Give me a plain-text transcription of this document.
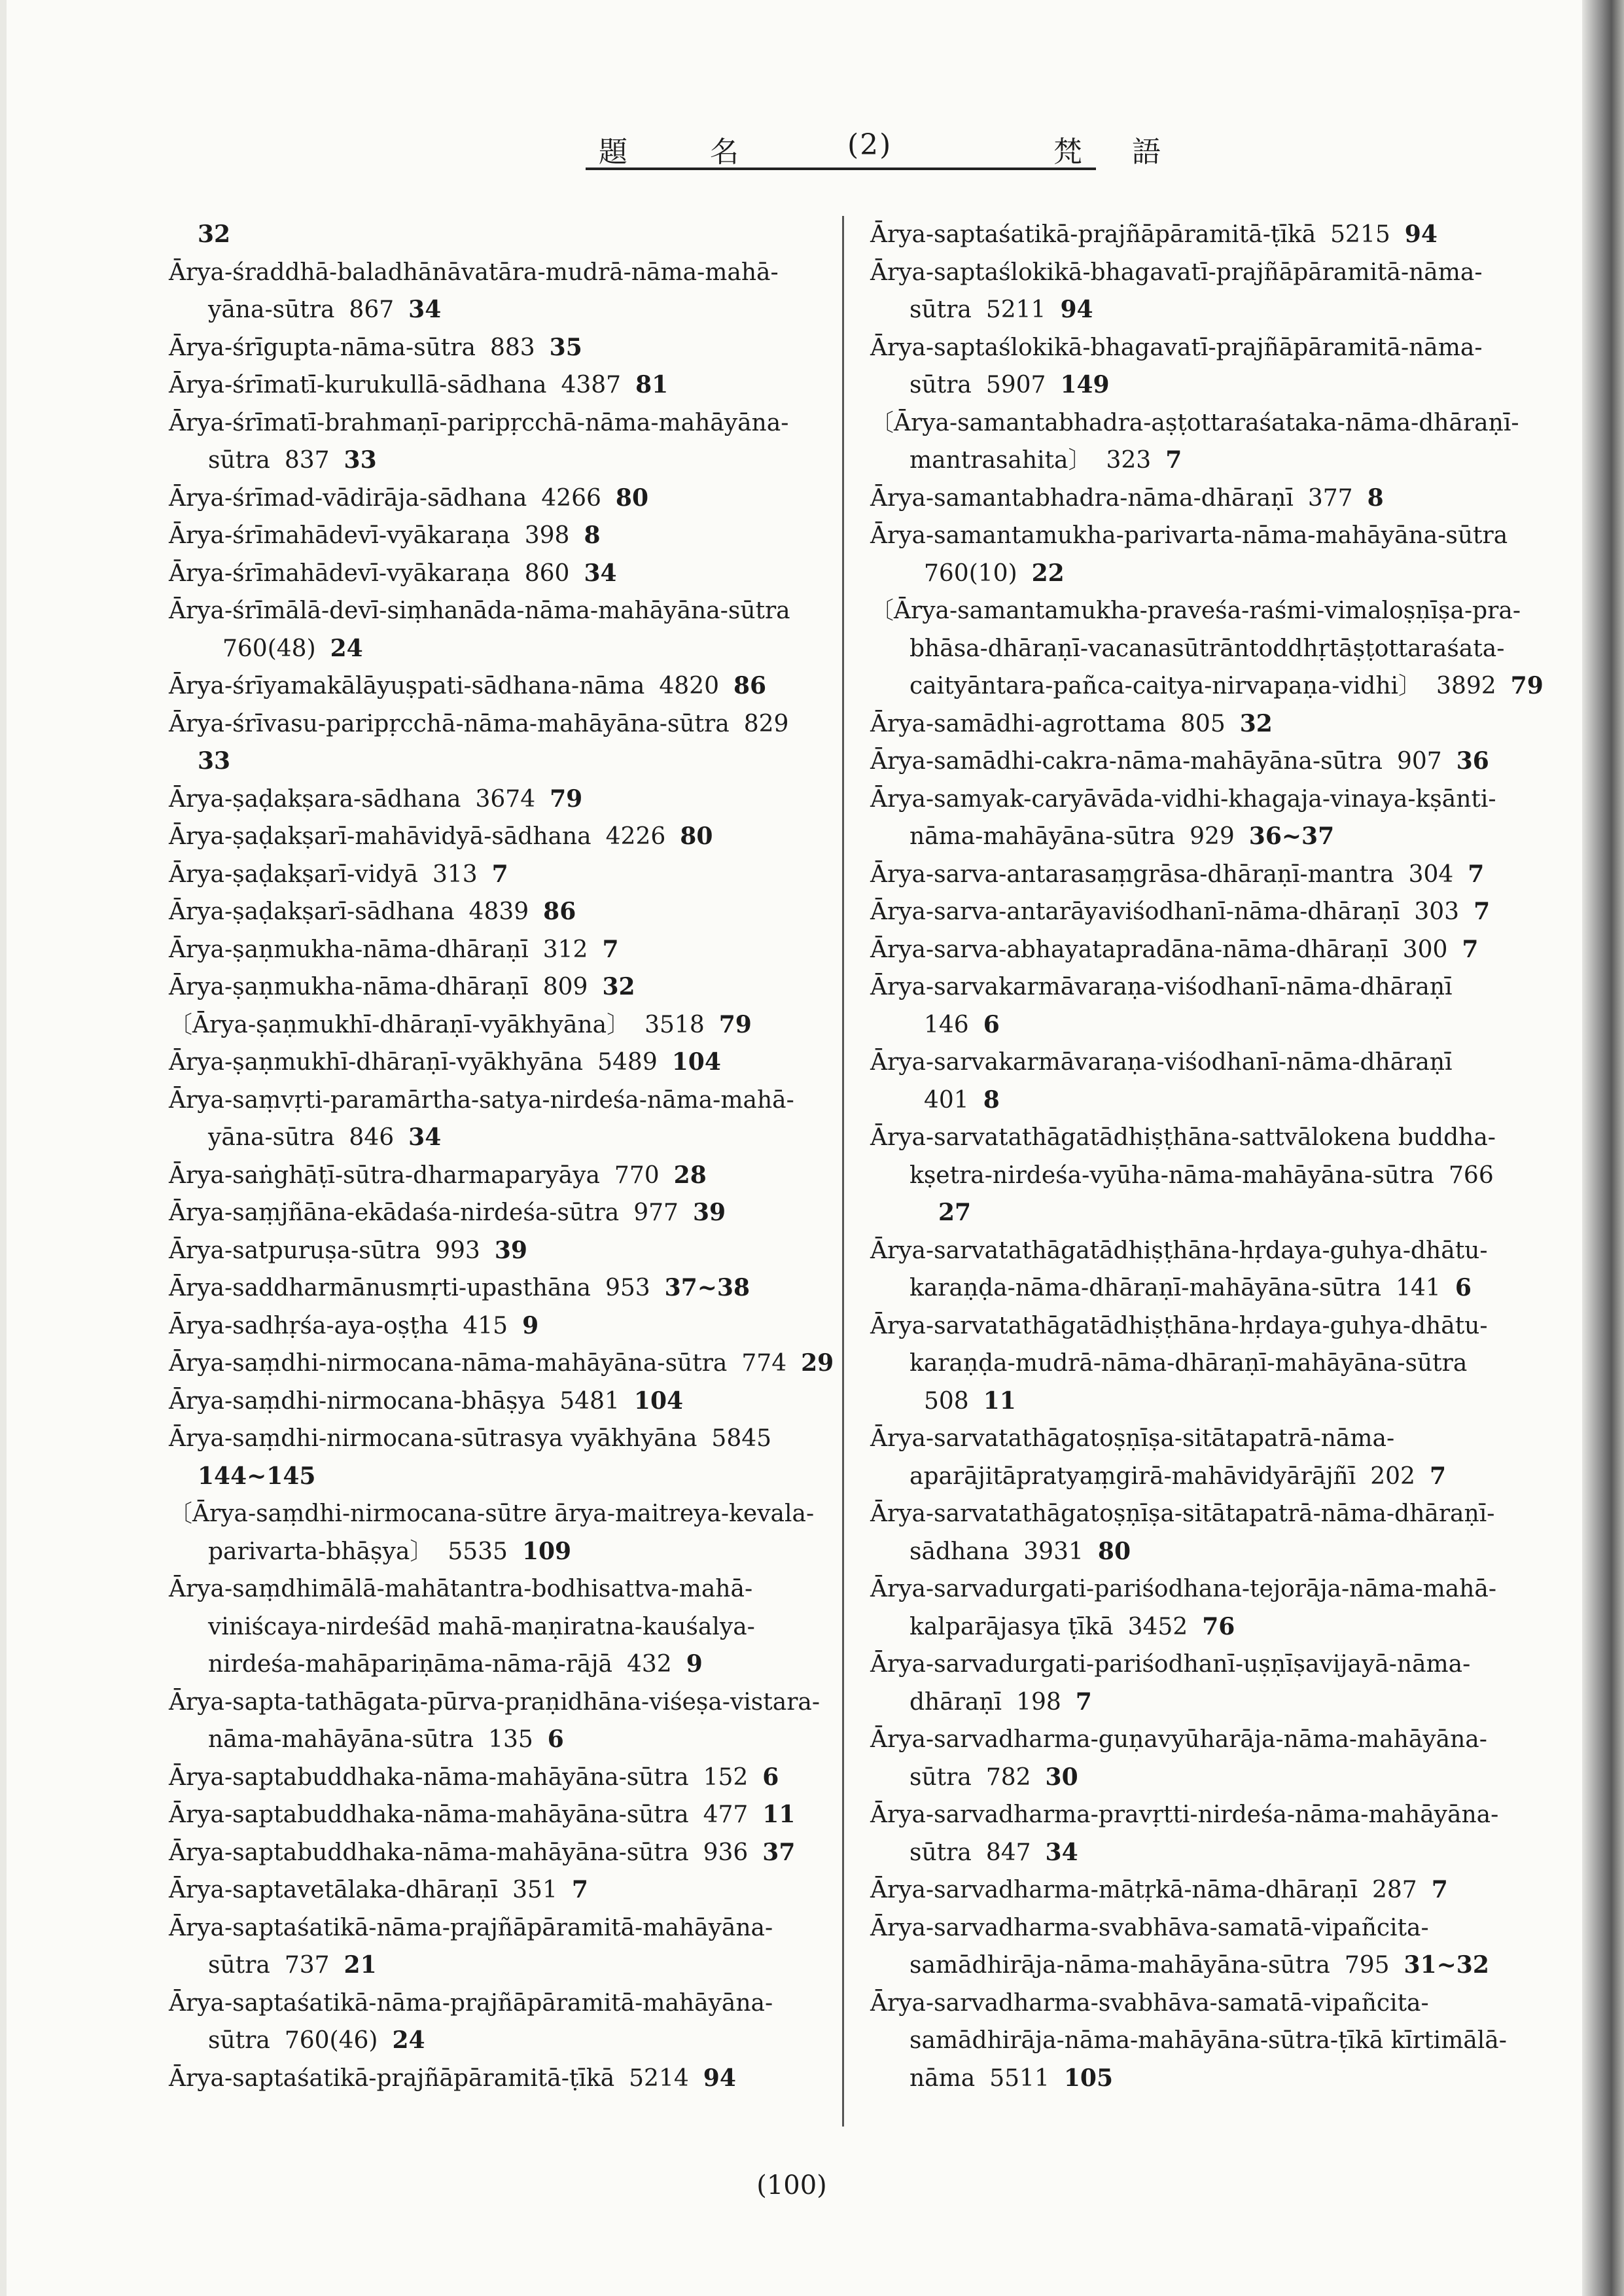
題	名	(2)	梵 語
32
Ārya-śraddhā-baladhānāvatāra-mudrā-nāma-mahā-
yāna-sūtra 867 34
Ārya-śrīgupta-nāma-sūtra 883 35
Ārya-śrīmatī-kurukullā-sādhana 4387 81
Ārya-śrīmatī-brahmaṇī-paripṛcchā-nāma-mahāyāna-
sūtra 837 33
Ārya-śrīmad-vādirāja-sādhana 4266 80
Ārya-śrīmahādevī-vyākaraṇa 398 8
Ārya-śrīmahādevī-vyākaraṇa 860 34
Ārya-śrīmālā-devī-siṃhanāda-nāma-mahāyāna-sūtra
760(48) 24
Ārya-śrīyamakālāyuṣpati-sādhana-nāma 4820 86
Ārya-śrīvasu-paripṛcchā-nāma-mahāyāna-sūtra 829
33
Ārya-ṣaḍakṣara-sādhana 3674 79
Ārya-ṣaḍakṣarī-mahāvidyā-sādhana 4226 80
Ārya-ṣaḍakṣarī-vidyā 313 7
Ārya-ṣaḍakṣarī-sādhana 4839 86
Ārya-ṣaṇmukha-nāma-dhāraṇī 312 7
Ārya-ṣaṇmukha-nāma-dhāraṇī 809 32
〔Ārya-ṣaṇmukhī-dhāraṇī-vyākhyāna〕 3518 79
Ārya-ṣaṇmukhī-dhāraṇī-vyākhyāna 5489 104
Ārya-saṃvṛti-paramārtha-satya-nirdeśa-nāma-mahā-
yāna-sūtra 846 34
Ārya-saṅghāṭī-sūtra-dharmaparyāya 770 28
Ārya-saṃjñāna-ekādaśa-nirdeśa-sūtra 977 39
Ārya-satpuruṣa-sūtra 993 39
Ārya-saddharmānusmṛti-upasthāna 953 37~38
Ārya-sadhṛśa-aya-oṣṭha 415 9
Ārya-saṃdhi-nirmocana-nāma-mahāyāna-sūtra 774 29
Ārya-saṃdhi-nirmocana-bhāṣya 5481 104
Ārya-saṃdhi-nirmocana-sūtrasya vyākhyāna 5845
144~145
〔Ārya-saṃdhi-nirmocana-sūtre ārya-maitreya-kevala-
parivarta-bhāṣya〕 5535 109
Ārya-saṃdhimālā-mahātantra-bodhisattva-mahā-
viniścaya-nirdeśād mahā-maṇiratna-kauśalya-
nirdeśa-mahāpariṇāma-nāma-rājā 432 9
Ārya-sapta-tathāgata-pūrva-praṇidhāna-viśeṣa-vistara-
nāma-mahāyāna-sūtra 135 6
Ārya-saptabuddhaka-nāma-mahāyāna-sūtra 152 6
Ārya-saptabuddhaka-nāma-mahāyāna-sūtra 477 11
Ārya-saptabuddhaka-nāma-mahāyāna-sūtra 936 37
Ārya-saptavetālaka-dhāraṇī 351 7
Ārya-saptaśatikā-nāma-prajñāpāramitā-mahāyāna-
sūtra 737 21
Ārya-saptaśatikā-nāma-prajñāpāramitā-mahāyāna-
sūtra 760(46) 24
Ārya-saptaśatikā-prajñāpāramitā-ṭīkā 5214 94
Ārya-saptaśatikā-prajñāpāramitā-ṭīkā 5215 94
Ārya-saptaślokikā-bhagavatī-prajñāpāramitā-nāma-
sūtra 5211 94
Ārya-saptaślokikā-bhagavatī-prajñāpāramitā-nāma-
sūtra 5907 149
〔Ārya-samantabhadra-aṣṭottaraśataka-nāma-dhāraṇī-
mantrasahita〕 323 7
Ārya-samantabhadra-nāma-dhāraṇī 377 8
Ārya-samantamukha-parivarta-nāma-mahāyāna-sūtra
760(10) 22
〔Ārya-samantamukha-praveśa-raśmi-vimaloṣṇīṣa-pra-
bhāsa-dhāraṇī-vacanasūtrāntoddhṛtāṣṭottaraśata-
caityāntara-pañca-caitya-nirvapaṇa-vidhi〕 3892 79
Ārya-samādhi-agrottama 805 32
Ārya-samādhi-cakra-nāma-mahāyāna-sūtra 907 36
Ārya-samyak-caryāvāda-vidhi-khagaja-vinaya-kṣānti-
nāma-mahāyāna-sūtra 929 36~37
Ārya-sarva-antarasaṃgrāsa-dhāraṇī-mantra 304 7
Ārya-sarva-antarāyaviśodhanī-nāma-dhāraṇī 303 7
Ārya-sarva-abhayatapradāna-nāma-dhāraṇī 300 7
Ārya-sarvakarmāvaraṇa-viśodhanī-nāma-dhāraṇī
146 6
Ārya-sarvakarmāvaraṇa-viśodhanī-nāma-dhāraṇī
401 8
Ārya-sarvatathāgatādhiṣṭhāna-sattvālokena buddha-
kṣetra-nirdeśa-vyūha-nāma-mahāyāna-sūtra 766
27
Ārya-sarvatathāgatādhiṣṭhāna-hṛdaya-guhya-dhātu-
karaṇḍa-nāma-dhāraṇī-mahāyāna-sūtra 141 6
Ārya-sarvatathāgatādhiṣṭhāna-hṛdaya-guhya-dhātu-
karaṇḍa-mudrā-nāma-dhāraṇī-mahāyāna-sūtra
508 11
Ārya-sarvatathāgatoṣṇīṣa-sitātapatrā-nāma-
aparājitāpratyaṃgirā-mahāvidyārājñī 202 7
Ārya-sarvatathāgatoṣṇīṣa-sitātapatrā-nāma-dhāraṇī-
sādhana 3931 80
Ārya-sarvadurgati-pariśodhana-tejorāja-nāma-mahā-
kalparājasya ṭīkā 3452 76
Ārya-sarvadurgati-pariśodhanī-uṣṇīṣavijayā-nāma-
dhāraṇī 198 7
Ārya-sarvadharma-guṇavyūharāja-nāma-mahāyāna-
sūtra 782 30
Ārya-sarvadharma-pravṛtti-nirdeśa-nāma-mahāyāna-
sūtra 847 34
Ārya-sarvadharma-mātṛkā-nāma-dhāraṇī 287 7
Ārya-sarvadharma-svabhāva-samatā-vipañcita-
samādhirāja-nāma-mahāyāna-sūtra 795 31~32
Ārya-sarvadharma-svabhāva-samatā-vipañcita-
samādhirāja-nāma-mahāyāna-sūtra-ṭīkā kīrtimālā-
nāma 5511 105
(100)
